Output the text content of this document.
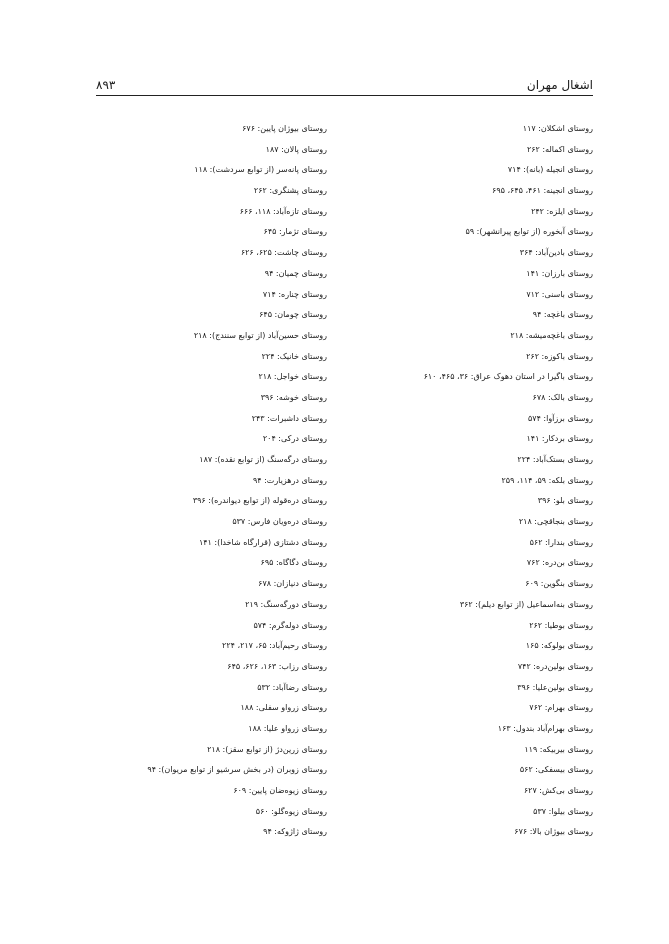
اشغال مهران
۸۹۳
روستای اشکلان: ۱۱۷
روستای اکماله: ۲۶۲
روستای انجیله (بانه): ۷۱۴
روستای انجینه: ۴۶۱، ۶۴۵، ۶۹۵
روستای ایلزه: ۲۴۲
روستای آبخوره (از توابع پیرانشهر): ۵۹
روستای بادین‌آباد: ۳۶۴
روستای بارزان: ۱۴۱
روستای باسنی: ۷۱۲
روستای باغچه: ۹۴
روستای باغچه‌میشه: ۲۱۸
روستای باکوزه: ۲۶۲
روستای باگیرا در استان دهوک عراق: ۳۶، ۴۶۵، ۶۱۰
روستای بالک: ۶۷۸
روستای برزآوا: ۵۷۴
روستای بردکار: ۱۴۱
روستای بستک‌آباد: ۲۲۴
روستای بلکه: ۵۹، ۱۱۴، ۲۵۹
روستای بلو: ۳۹۶
روستای بنجاقچی: ۲۱۸
روستای بندارا: ۵۶۲
روستای بن‌دره: ۷۶۲
روستای بنگوین: ۶۰۹
روستای بنه‌اسماعیل (از توابع دیلم): ۳۶۲
روستای بوطیا: ۲۶۲
روستای بولوکه: ۱۶۵
روستای بولین‌دره: ۷۴۲
روستای بولین‌علیا: ۳۹۶
روستای بهرام: ۷۶۲
روستای بهرام‌آباد بندول: ۱۶۳
روستای بیربیکه: ۱۱۹
روستای بیسفکی: ۵۶۲
روستای بی‌کش: ۶۲۷
روستای بیلوا: ۵۳۷
روستای بیوژان بالا: ۶۷۶
روستای بیوژان پایین: ۶۷۶
روستای پالان: ۱۸۷
روستای پانه‌سر (از توابع سردشت): ۱۱۸
روستای پشنگری: ۲۶۲
روستای تازه‌آباد: ۱۱۸، ۶۶۶
روستای تژمار: ۶۴۵
روستای چاشت: ۶۲۵، ۶۲۶
روستای چمیان: ۹۴
روستای چناره: ۷۱۴
روستای چومان: ۶۴۵
روستای حسین‌آباد (از توابع سنندج): ۲۱۸
روستای خانیک: ۲۲۴
روستای خواجل: ۲۱۸
روستای خوشه: ۳۹۶
روستای داشبرات: ۲۴۳
روستای درکی: ۲۰۴
روستای درگه‌سنگ (از توابع نقده): ۱۸۷
روستای درهزیارت: ۹۴
روستای دره‌قوله (از توابع دیواندره): ۳۹۶
روستای دره‌ویان فارس: ۵۳۷
روستای دشتازی (قرارگاه شاخدا): ۱۴۱
روستای دگاگاه: ۶۹۵
روستای دنیازان: ۶۷۸
روستای دورگه‌سنگ: ۲۱۹
روستای دوله‌گرم: ۵۷۴
روستای رحیم‌آباد: ۶۵، ۲۱۷، ۲۲۴
روستای رزاب: ۱۶۳، ۶۲۶، ۶۴۵
روستای رضاآباد: ۵۳۲
روستای زرواو سفلی: ۱۸۸
روستای زرواو علیا: ۱۸۸
روستای زرین‌دژ (از توابع سقز): ۲۱۸
روستای زوبران (در بخش سرشیو از توابع مریوان): ۹۴
روستای زیوه‌ضان پایین: ۶۰۹
روستای زیوه‌گلو: ۵۶۰
روستای ژاژوکه: ۹۴
